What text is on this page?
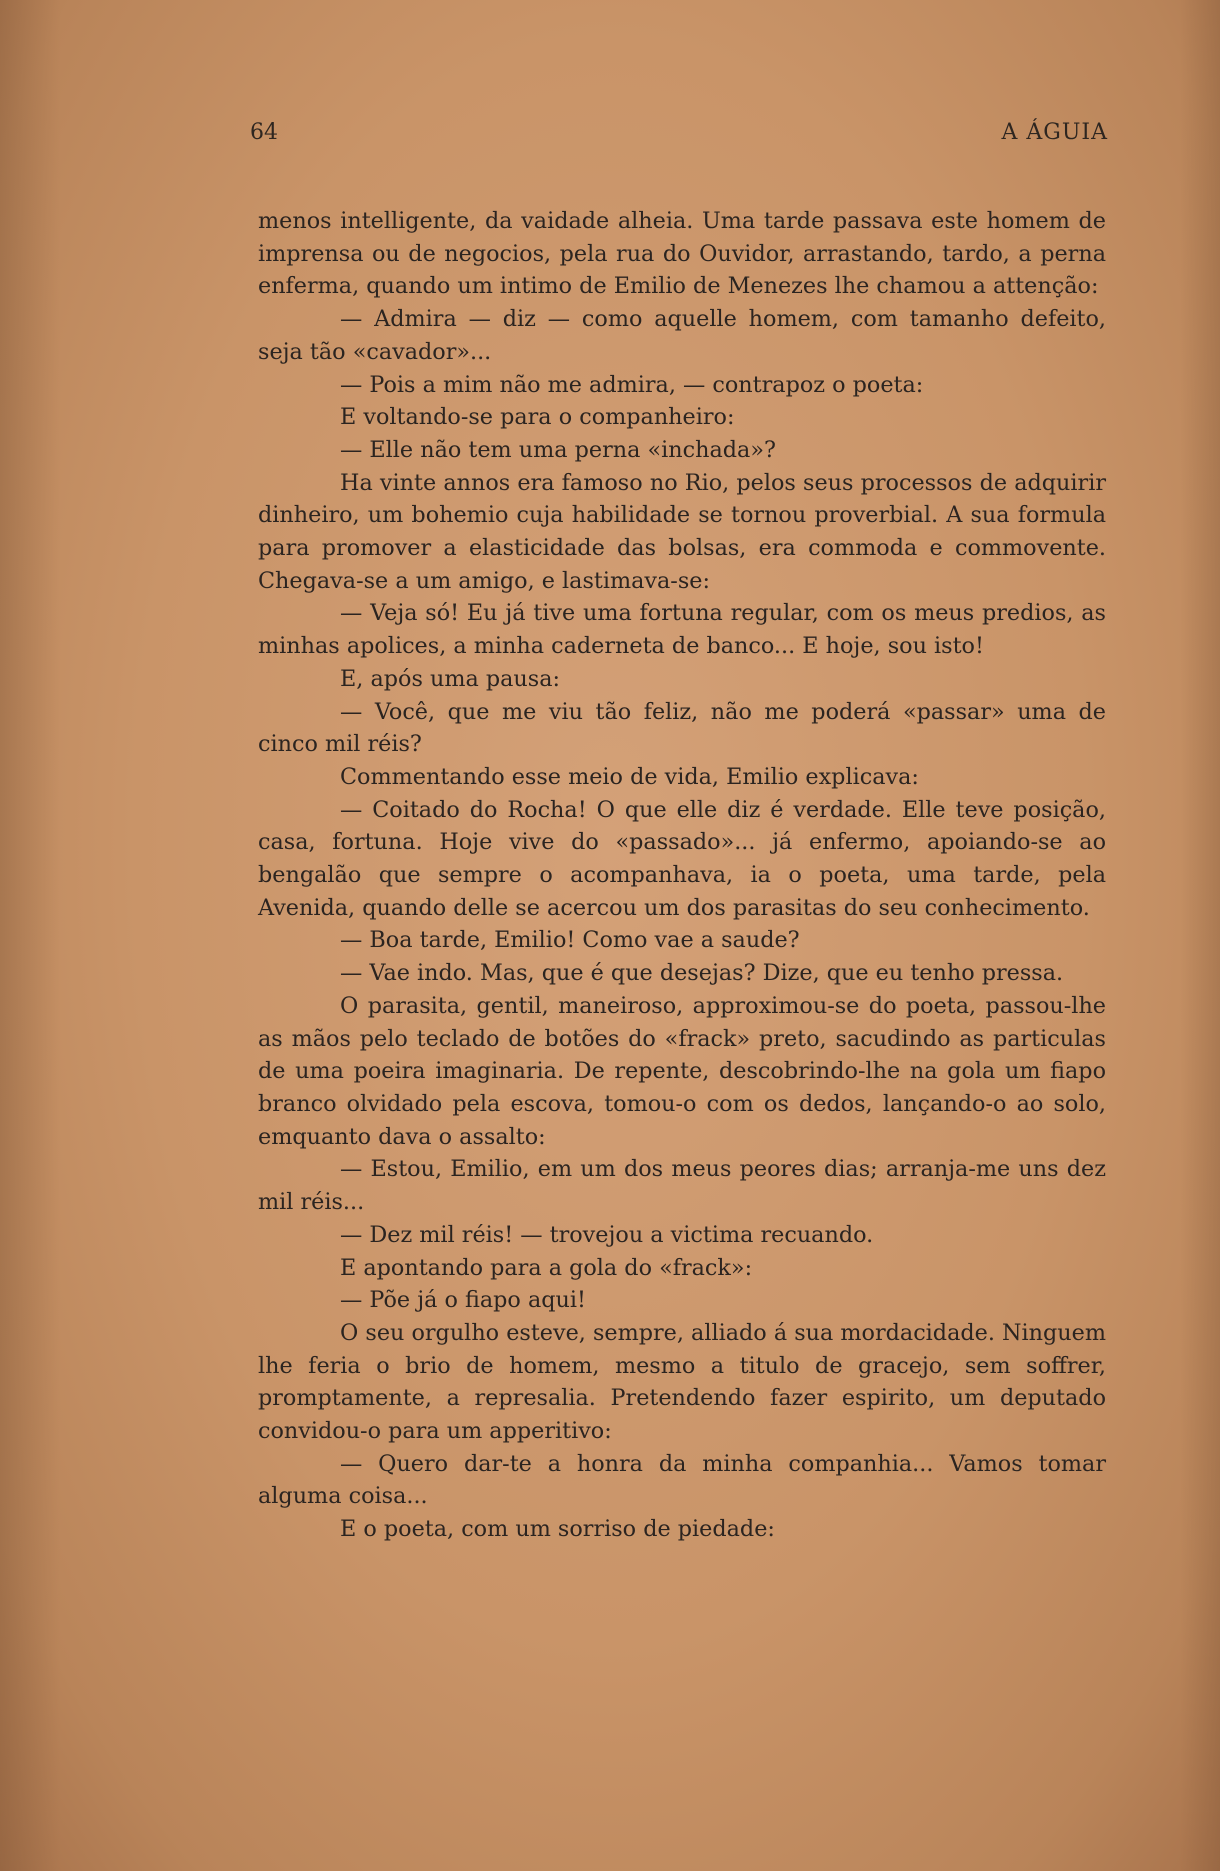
64	A ÁGUIA

menos intelligente, da vaidade alheia. Uma tarde passava este homem de imprensa ou de negocios, pela rua do Ouvidor, arrastando, tardo, a perna enferma, quando um intimo de Emilio de Menezes lhe chamou a attenção:

— Admira — diz — como aquelle homem, com tamanho defeito, seja tão «cavador»...

— Pois a mim não me admira, — contrapoz o poeta:

E voltando-se para o companheiro:

— Elle não tem uma perna «inchada»?

Ha vinte annos era famoso no Rio, pelos seus processos de adquirir dinheiro, um bohemio cuja habilidade se tornou proverbial. A sua formula para promover a elasticidade das bolsas, era commoda e commovente. Chegava-se a um amigo, e lastimava-se:

— Veja só! Eu já tive uma fortuna regular, com os meus predios, as minhas apolices, a minha caderneta de banco... E hoje, sou isto!

E, após uma pausa:

— Você, que me viu tão feliz, não me poderá «passar» uma de cinco mil réis?

Commentando esse meio de vida, Emilio explicava:

— Coitado do Rocha! O que elle diz é verdade. Elle teve posição, casa, fortuna. Hoje vive do «passado»... já enfermo, apoiando-se ao bengalão que sempre o acompanhava, ia o poeta, uma tarde, pela Avenida, quando delle se acercou um dos parasitas do seu conhecimento.

— Boa tarde, Emilio! Como vae a saude?

— Vae indo. Mas, que é que desejas? Dize, que eu tenho pressa.

O parasita, gentil, maneiroso, approximou-se do poeta, passou-lhe as mãos pelo teclado de botões do «frack» preto, sacudindo as particulas de uma poeira imaginaria. De repente, descobrindo-lhe na gola um fiapo branco olvidado pela escova, tomou-o com os dedos, lançando-o ao solo, emquanto dava o assalto:

— Estou, Emilio, em um dos meus peores dias; arranja-me uns dez mil réis...

— Dez mil réis! — trovejou a victima recuando.

E apontando para a gola do «frack»:

— Põe já o fiapo aqui!

O seu orgulho esteve, sempre, alliado á sua mordacidade. Ninguem lhe feria o brio de homem, mesmo a titulo de gracejo, sem soffrer, promptamente, a represalia. Pretendendo fazer espirito, um deputado convidou-o para um apperitivo:

— Quero dar-te a honra da minha companhia... Vamos tomar alguma coisa...

E o poeta, com um sorriso de piedade:
